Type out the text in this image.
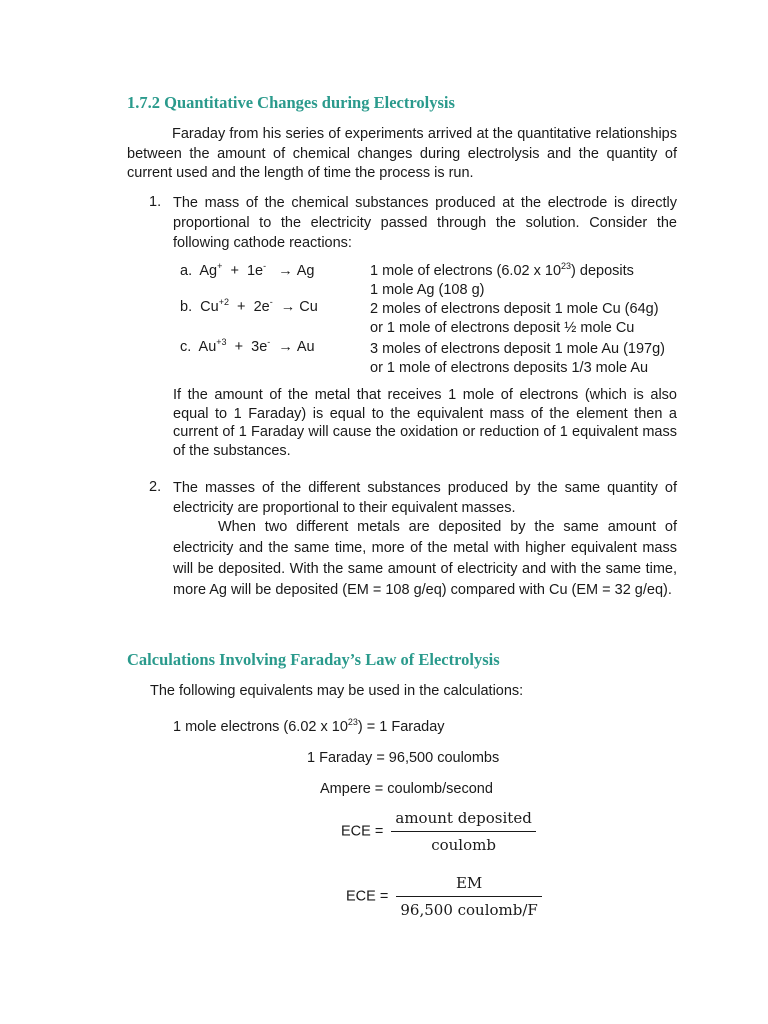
1.7.2 Quantitative Changes during Electrolysis

Faraday from his series of experiments arrived at the quantitative relationships between the amount of chemical changes during electrolysis and the quantity of current used and the length of time the process is run.

1. The mass of the chemical substances produced at the electrode is directly proportional to the electricity passed through the solution. Consider the following cathode reactions:

a. Ag+ + 1e- → Ag	1 mole of electrons (6.02 x $10^{23}$) deposits
1 mole Ag (108 g)
b. $Cu^{+2} + 2e^- \to Cu$	2 moles of electrons deposit 1 mole Cu (64g)
or 1 mole of electrons deposit ½ mole Cu
c. $Au^{+3} + 3e^- \to Au$	3 moles of electrons deposit 1 mole Au (197g)
or 1 mole of electrons deposits 1/3 mole Au

If the amount of the metal that receives 1 mole of electrons (which is also equal to 1 Faraday) is equal to the equivalent mass of the element then a current of 1 Faraday will cause the oxidation or reduction of 1 equivalent mass of the substances.

2. The masses of the different substances produced by the same quantity of electricity are proportional to their equivalent masses.

When two different metals are deposited by the same amount of electricity and the same time, more of the metal with higher equivalent mass will be deposited. With the same amount of electricity and with the same time, more Ag will be deposited (EM = 108 g/eq) compared with Cu (EM = 32 g/eq).

Calculations Involving Faraday’s Law of Electrolysis

The following equivalents may be used in the calculations:

1 mole electrons (6.02 x $10^{23}) = 1$ Faraday
1 Faraday = 96,500 coulombs
Ampere = coulomb/second
ECE = $\frac{\text{amount deposited}}{\text{coulomb}}$
ECE = $\frac{EM}{\text{96,500 coulomb/F}}$
